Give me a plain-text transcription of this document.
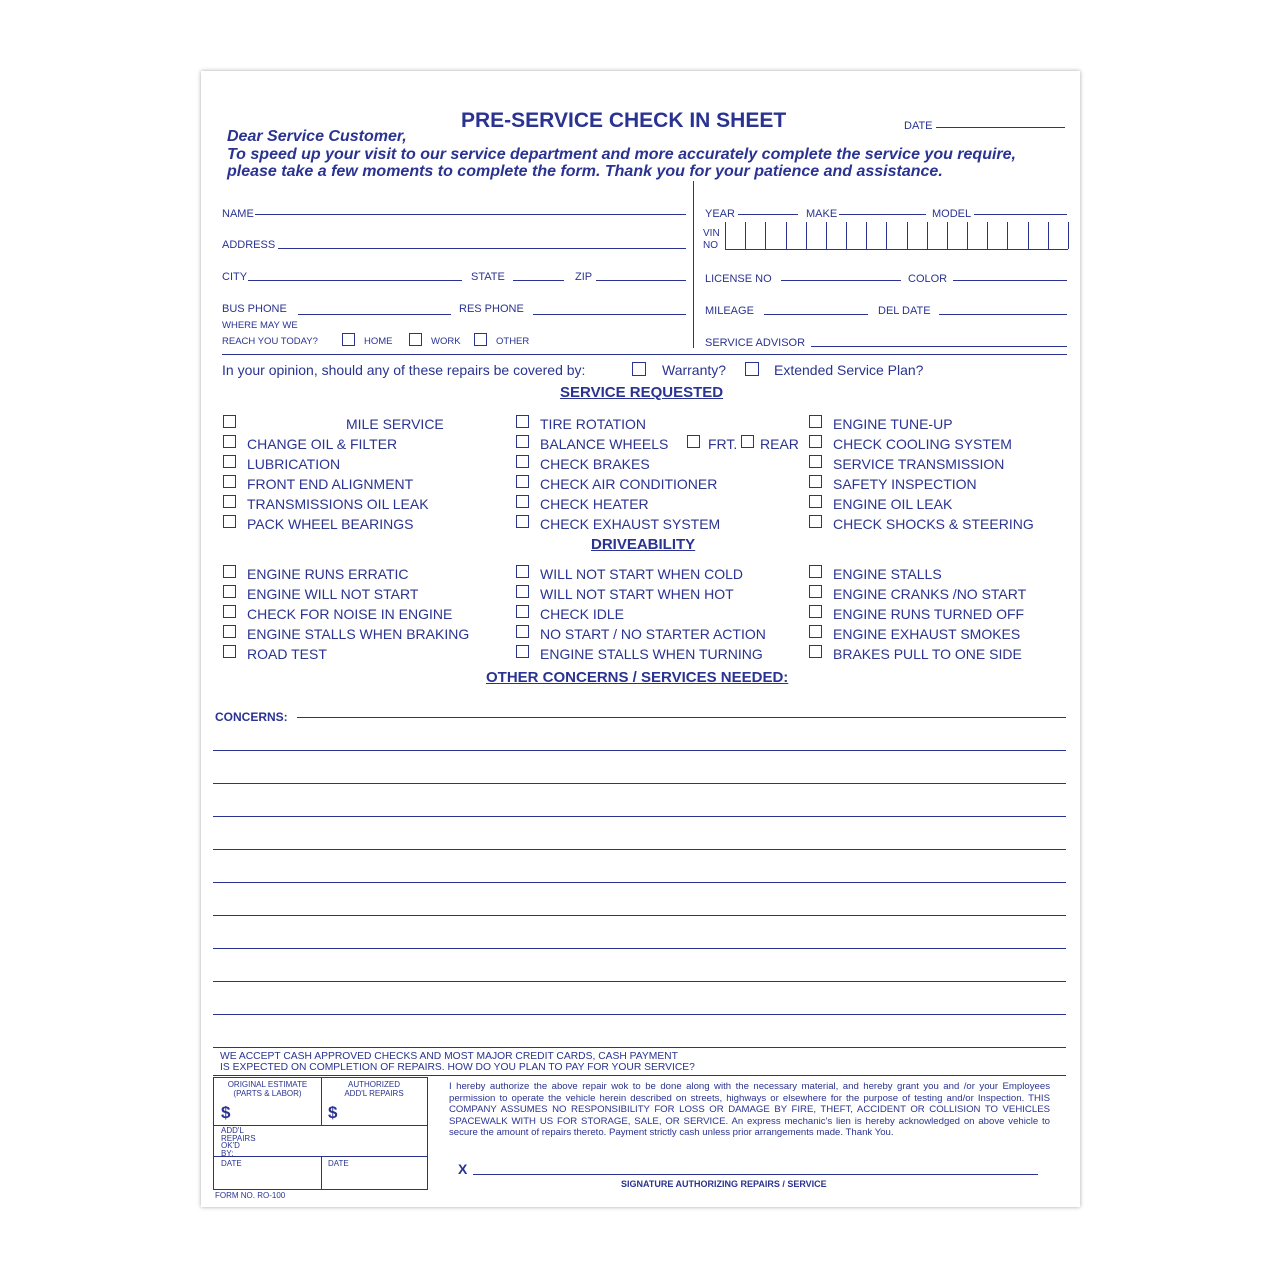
PRE-SERVICE CHECK IN SHEET	DATE
Dear Service Customer,
To speed up your visit to our service department and more accurately complete the service you require,
please take a few moments to complete the form. Thank you for your patience and assistance.
NAME
ADDRESS
CITY	STATE	ZIP
BUS PHONE	RES PHONE
WHERE MAY WE
REACH YOU TODAY?	HOME	WORK	OTHER
YEAR	MAKE	MODEL
VIN
NO
LICENSE NO	COLOR
MILEAGE	DEL DATE
SERVICE ADVISOR
In your opinion, should any of these repairs be covered by:	Warranty?	Extended Service Plan?
SERVICE REQUESTED
MILE SERVICE
CHANGE OIL & FILTER
LUBRICATION
FRONT END ALIGNMENT
TRANSMISSIONS OIL LEAK
PACK WHEEL BEARINGS
TIRE ROTATION
BALANCE WHEELS
CHECK BRAKES
CHECK AIR CONDITIONER
CHECK HEATER
CHECK EXHAUST SYSTEM
ENGINE TUNE-UP
CHECK COOLING SYSTEM
SERVICE TRANSMISSION
SAFETY INSPECTION
ENGINE OIL LEAK
CHECK SHOCKS & STEERING
FRT. REAR
DRIVEABILITY
ENGINE RUNS ERRATIC
ENGINE WILL NOT START
CHECK FOR NOISE IN ENGINE
ENGINE STALLS WHEN BRAKING
ROAD TEST
WILL NOT START WHEN COLD
WILL NOT START WHEN HOT
CHECK IDLE
NO START / NO STARTER ACTION
ENGINE STALLS WHEN TURNING
ENGINE STALLS
ENGINE CRANKS /NO START
ENGINE RUNS TURNED OFF
ENGINE EXHAUST SMOKES
BRAKES PULL TO ONE SIDE
OTHER CONCERNS / SERVICES NEEDED:
CONCERNS:
WE ACCEPT CASH APPROVED CHECKS AND MOST MAJOR CREDIT CARDS, CASH PAYMENT
IS EXPECTED ON COMPLETION OF REPAIRS. HOW DO YOU PLAN TO PAY FOR YOUR SERVICE?
ORIGINAL ESTIMATE
(PARTS & LABOR)
AUTHORIZED
ADD'L REPAIRS
$	$
ADD'L
REPAIRS
OK'D
BY:
DATE	DATE
I hereby authorize the above repair wok to be done along with the necessary material, and hereby grant you and /or your Employees permission to operate the vehicle herein described on streets, highways or elsewhere for the purpose of testing and/or Inspection. THIS COMPANY ASSUMES NO RESPONSIBILITY FOR LOSS OR DAMAGE BY FIRE, THEFT, ACCIDENT OR COLLISION TO VEHICLES SPACEWALK WITH US FOR STORAGE, SALE, OR SERVICE. An express mechanic's lien is hereby acknowledged on above vehicle to secure the amount of repairs thereto. Payment strictly cash unless prior arrangements made. Thank You.
X
SIGNATURE AUTHORIZING REPAIRS / SERVICE
FORM NO. RO-100
